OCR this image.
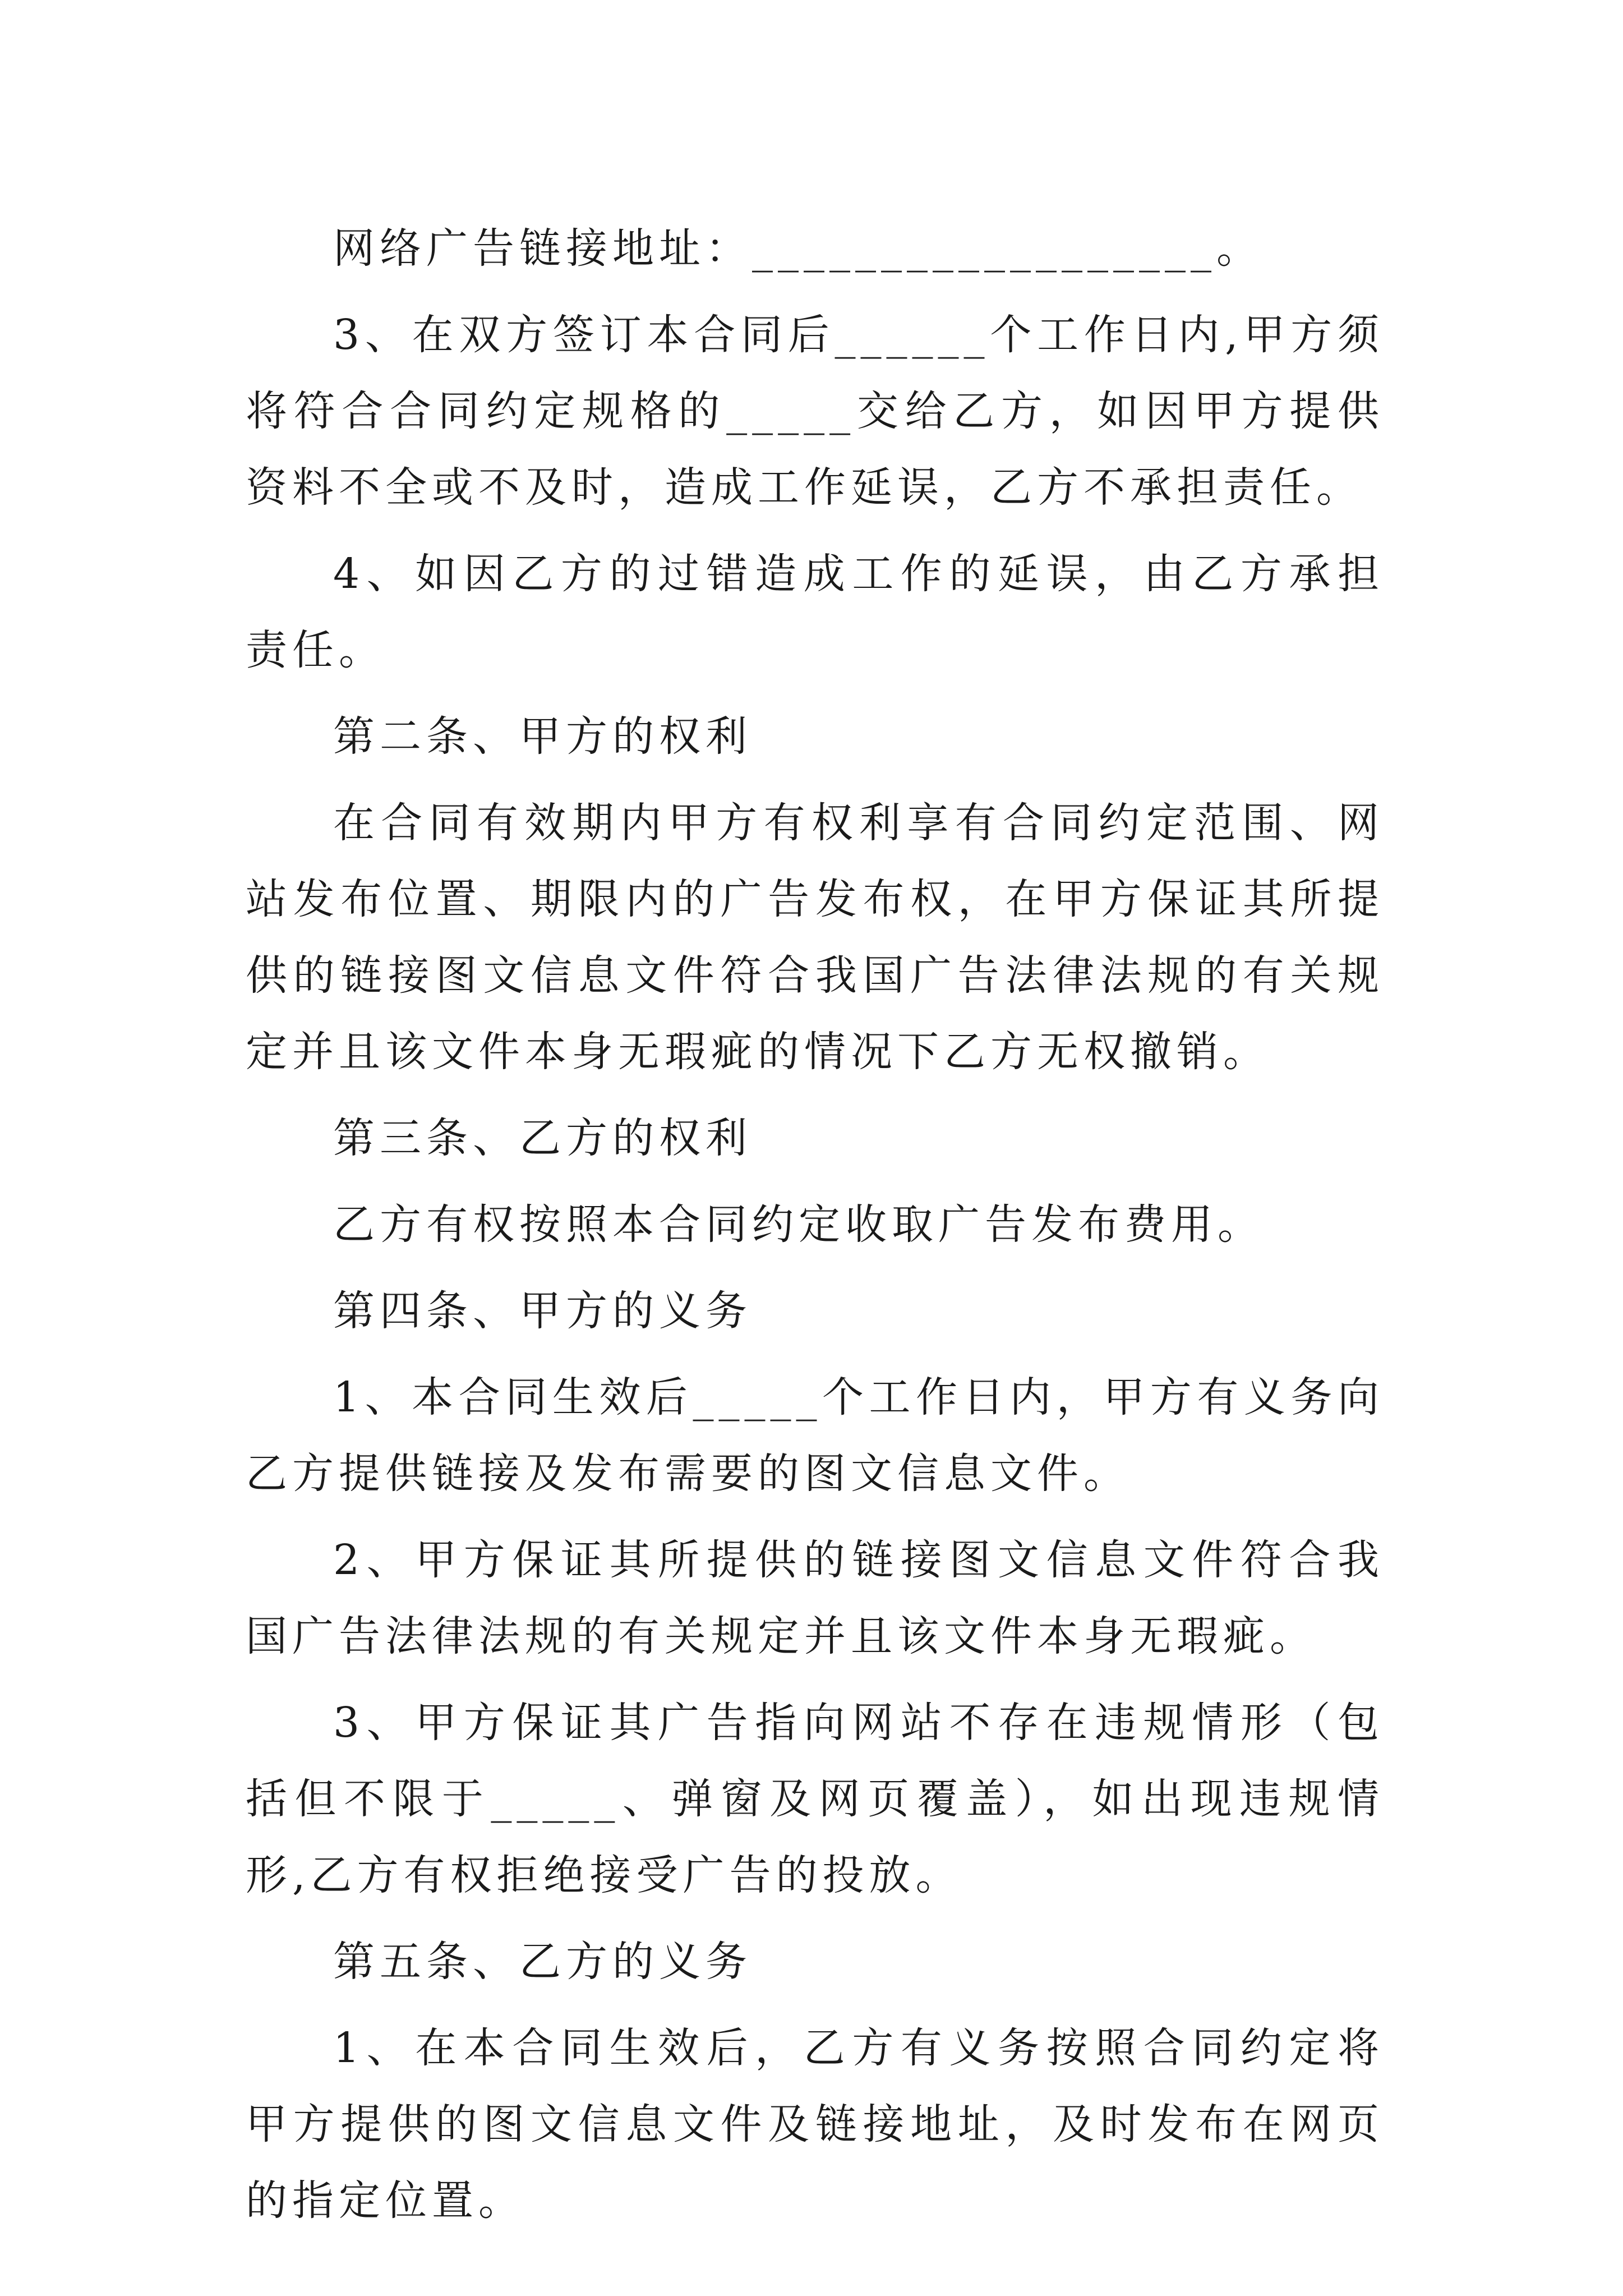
网络广告链接地址：__________________。

3、在双方签订本合同后______个工作日内,甲方须将符合合同约定规格的_____交给乙方，如因甲方提供资料不全或不及时，造成工作延误，乙方不承担责任。

4、如因乙方的过错造成工作的延误，由乙方承担责任。

第二条、甲方的权利

在合同有效期内甲方有权利享有合同约定范围、网站发布位置、期限内的广告发布权，在甲方保证其所提供的链接图文信息文件符合我国广告法律法规的有关规定并且该文件本身无瑕疵的情况下乙方无权撤销。

第三条、乙方的权利

乙方有权按照本合同约定收取广告发布费用。

第四条、甲方的义务

1、本合同生效后_____个工作日内，甲方有义务向乙方提供链接及发布需要的图文信息文件。

2、甲方保证其所提供的链接图文信息文件符合我国广告法律法规的有关规定并且该文件本身无瑕疵。

3、甲方保证其广告指向网站不存在违规情形（包括但不限于_____、弹窗及网页覆盖），如出现违规情形,乙方有权拒绝接受广告的投放。

第五条、乙方的义务

1、在本合同生效后，乙方有义务按照合同约定将甲方提供的图文信息文件及链接地址，及时发布在网页的指定位置。
